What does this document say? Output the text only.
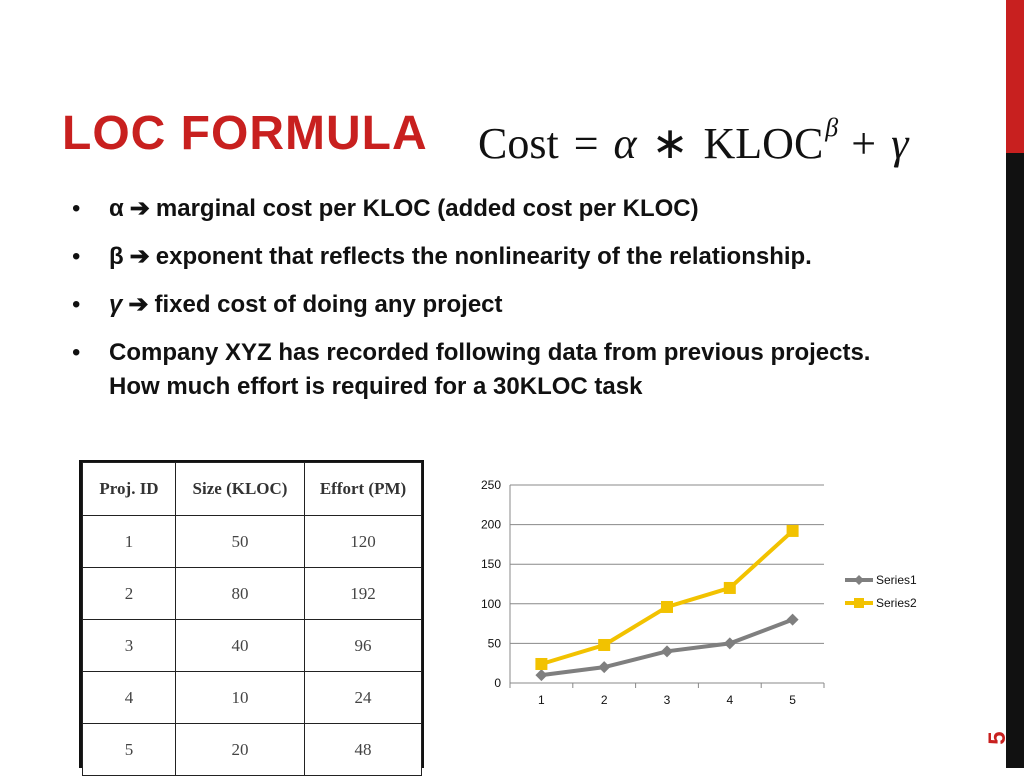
LOC FORMULA Cost = α ∗ $KLOC^\beta + \gamma$
• α ➔ marginal cost per KLOC (added cost per KLOC)
• β ➔ exponent that reflects the nonlinearity of the relationship.
• γ ➔ fixed cost of doing any project
• Company XYZ has recorded following data from previous projects. How much effort is required for a 30KLOC task
Proj. ID	Size (KLOC)	Effort (PM)
1	50	120
2	80	192
3	40	96
4	10	24
5	20	48
0
50
100
150
200
250
1	2	3	4	5
Series1
Series2
5
